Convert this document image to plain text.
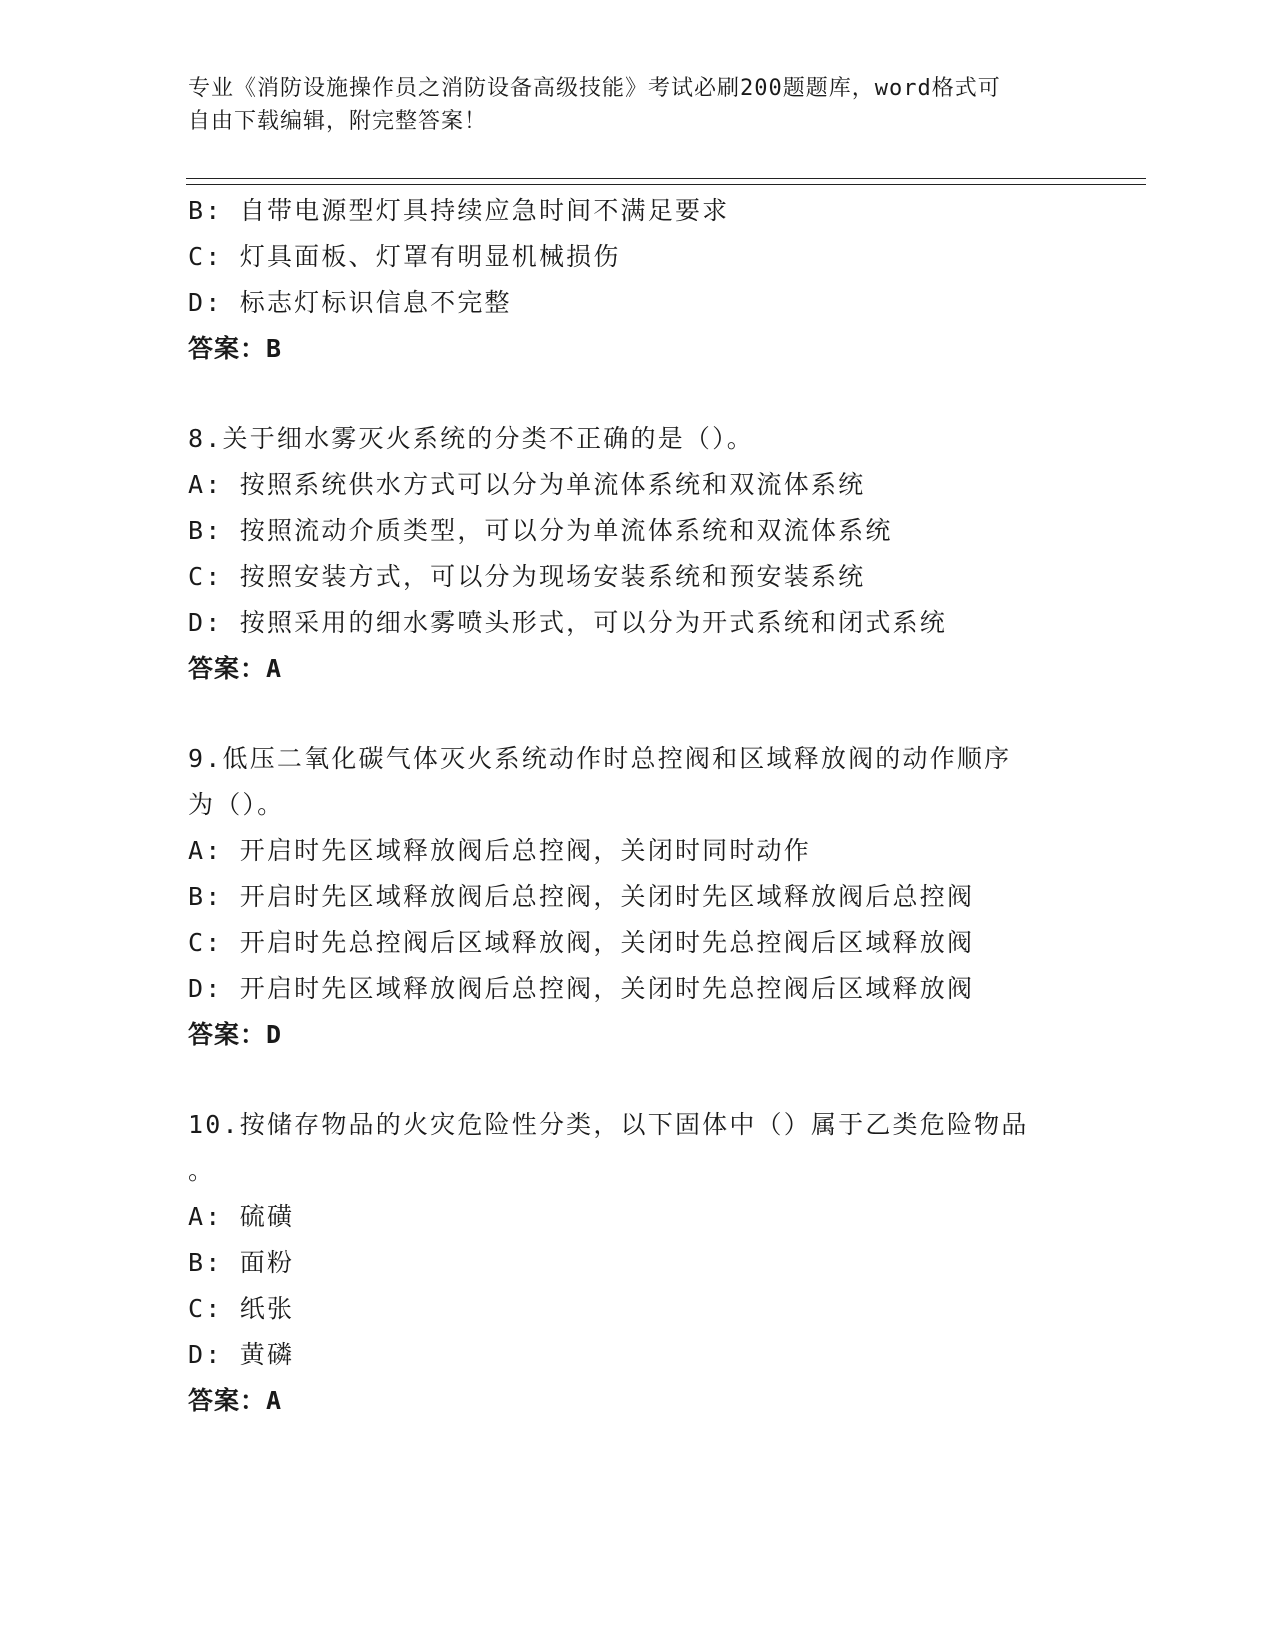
专业《消防设施操作员之消防设备高级技能》考试必刷200题题库，word格式可
自由下载编辑，附完整答案！
B: 自带电源型灯具持续应急时间不满足要求
C: 灯具面板、灯罩有明显机械损伤
D: 标志灯标识信息不完整
答案：B
8.关于细水雾灭火系统的分类不正确的是（）。
A: 按照系统供水方式可以分为单流体系统和双流体系统
B: 按照流动介质类型，可以分为单流体系统和双流体系统
C: 按照安装方式，可以分为现场安装系统和预安装系统
D: 按照采用的细水雾喷头形式，可以分为开式系统和闭式系统
答案：A
9.低压二氧化碳气体灭火系统动作时总控阀和区域释放阀的动作顺序
为（）。
A: 开启时先区域释放阀后总控阀，关闭时同时动作
B: 开启时先区域释放阀后总控阀，关闭时先区域释放阀后总控阀
C: 开启时先总控阀后区域释放阀，关闭时先总控阀后区域释放阀
D: 开启时先区域释放阀后总控阀，关闭时先总控阀后区域释放阀
答案：D
10.按储存物品的火灾危险性分类，以下固体中（）属于乙类危险物品
。
A: 硫磺
B: 面粉
C: 纸张
D: 黄磷
答案：A
